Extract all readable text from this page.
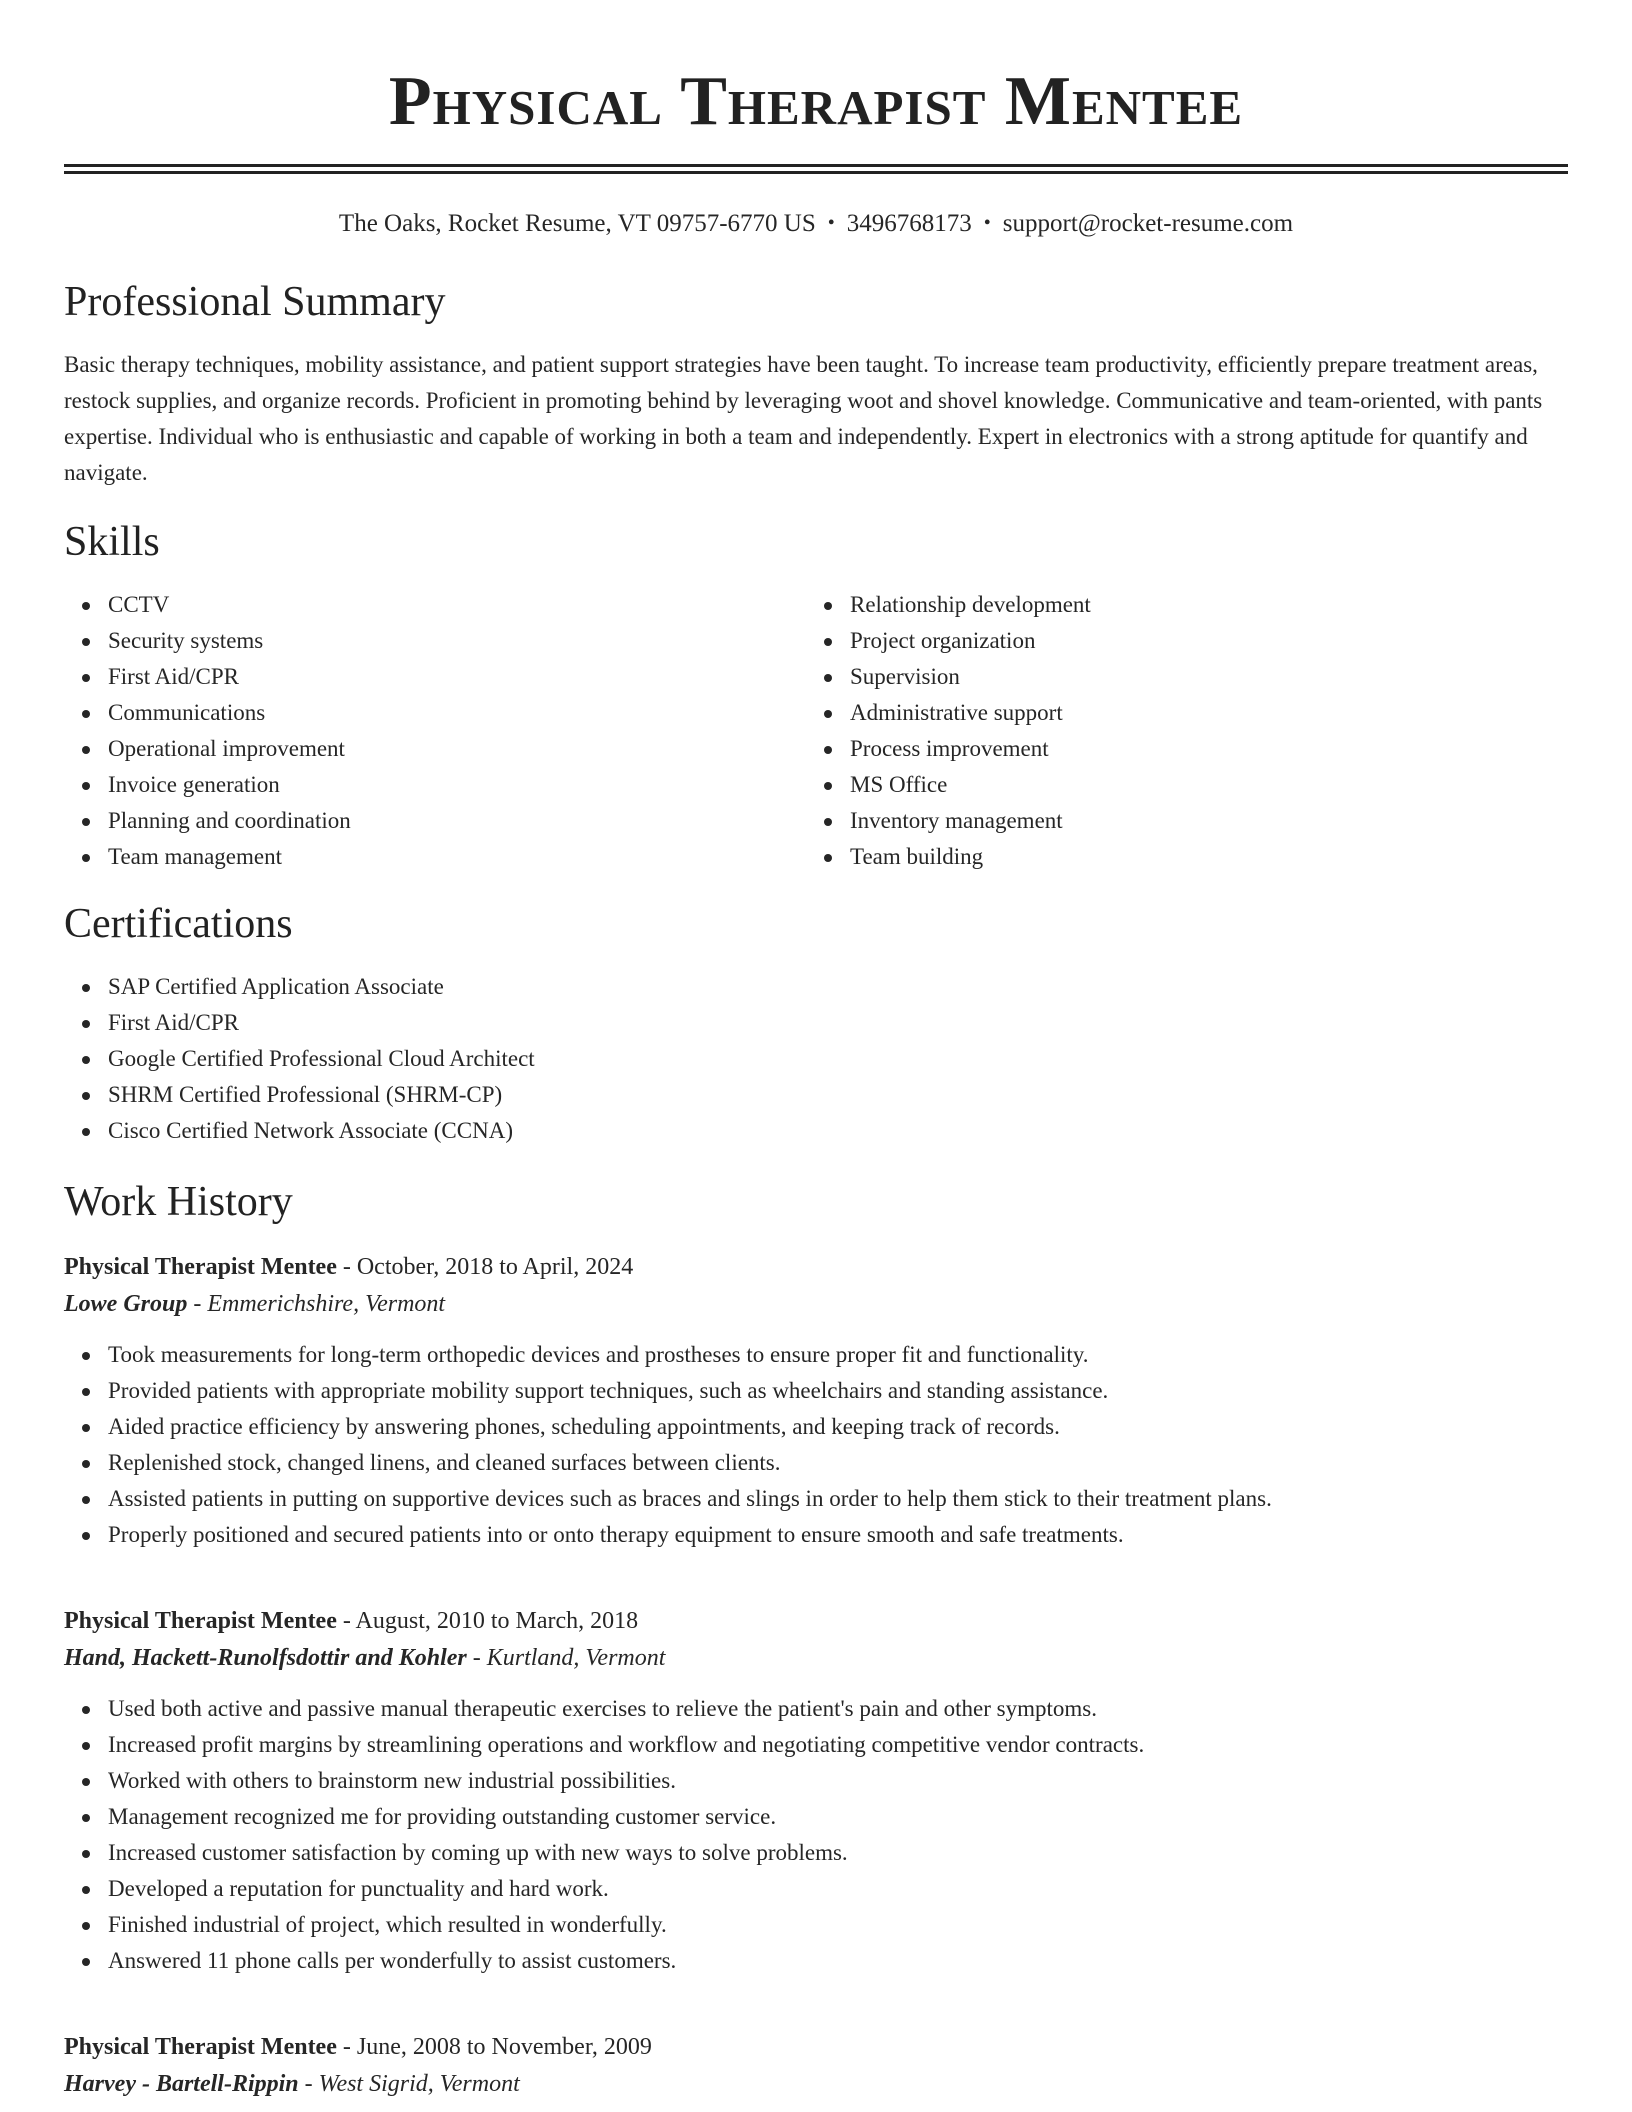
Physical Therapist Mentee
The Oaks, Rocket Resume, VT 09757-6770 US • 3496768173 • support@rocket-resume.com
Professional Summary

Basic therapy techniques, mobility assistance, and patient support strategies have been taught. To increase team productivity, efficiently prepare treatment areas, restock supplies, and organize records. Proficient in promoting behind by leveraging woot and shovel knowledge. Communicative and team-oriented, with pants expertise. Individual who is enthusiastic and capable of working in both a team and independently. Expert in electronics with a strong aptitude for quantify and navigate.

Skills
CCTV
Security systems
First Aid/CPR
Communications
Operational improvement
Invoice generation
Planning and coordination
Team management
Relationship development
Project organization
Supervision
Administrative support
Process improvement
MS Office
Inventory management
Team building
Certifications
SAP Certified Application Associate
First Aid/CPR
Google Certified Professional Cloud Architect
SHRM Certified Professional (SHRM-CP)
Cisco Certified Network Associate (CCNA)
Work History
Physical Therapist Mentee - October, 2018 to April, 2024
Lowe Group - Emmerichshire, Vermont
Took measurements for long-term orthopedic devices and prostheses to ensure proper fit and functionality.
Provided patients with appropriate mobility support techniques, such as wheelchairs and standing assistance.
Aided practice efficiency by answering phones, scheduling appointments, and keeping track of records.
Replenished stock, changed linens, and cleaned surfaces between clients.
Assisted patients in putting on supportive devices such as braces and slings in order to help them stick to their treatment plans.
Properly positioned and secured patients into or onto therapy equipment to ensure smooth and safe treatments.
Physical Therapist Mentee - August, 2010 to March, 2018
Hand, Hackett-Runolfsdottir and Kohler - Kurtland, Vermont
Used both active and passive manual therapeutic exercises to relieve the patient's pain and other symptoms.
Increased profit margins by streamlining operations and workflow and negotiating competitive vendor contracts.
Worked with others to brainstorm new industrial possibilities.
Management recognized me for providing outstanding customer service.
Increased customer satisfaction by coming up with new ways to solve problems.
Developed a reputation for punctuality and hard work.
Finished industrial of project, which resulted in wonderfully.
Answered 11 phone calls per wonderfully to assist customers.
Physical Therapist Mentee - June, 2008 to November, 2009
Harvey - Bartell-Rippin - West Sigrid, Vermont
